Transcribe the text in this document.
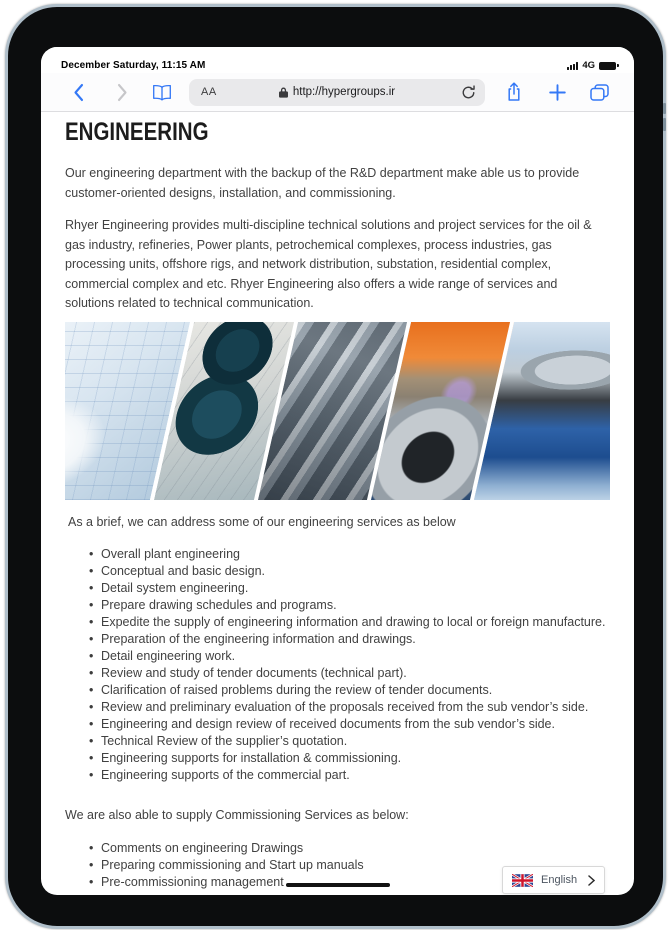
December Saturday, 11:15 AM	4G
AA	http://hypergroups.ir
ENGINEERING

Our engineering department with the backup of the R&D department make able us to provide customer-oriented designs, installation, and commissioning.

Rhyer Engineering provides multi-discipline technical solutions and project services for the oil & gas industry, refineries, Power plants, petrochemical complexes, process industries, gas processing units, offshore rigs, and network distribution, substation, residential complex, commercial complex and etc. Rhyer Engineering also offers a wide range of services and solutions related to technical communication.

As a brief, we can address some of our engineering services as below

• Overall plant engineering
• Conceptual and basic design.
• Detail system engineering.
• Prepare drawing schedules and programs.
• Expedite the supply of engineering information and drawing to local or foreign manufacture.
• Preparation of the engineering information and drawings.
• Detail engineering work.
• Review and study of tender documents (technical part).
• Clarification of raised problems during the review of tender documents.
• Review and preliminary evaluation of the proposals received from the sub vendor’s side.
• Engineering and design review of received documents from the sub vendor’s side.
• Technical Review of the supplier’s quotation.
• Engineering supports for installation & commissioning.
• Engineering supports of the commercial part.

We are also able to supply Commissioning Services as below:

• Comments on engineering Drawings
• Preparing commissioning and Start up manuals
• Pre-commissioning management	English
